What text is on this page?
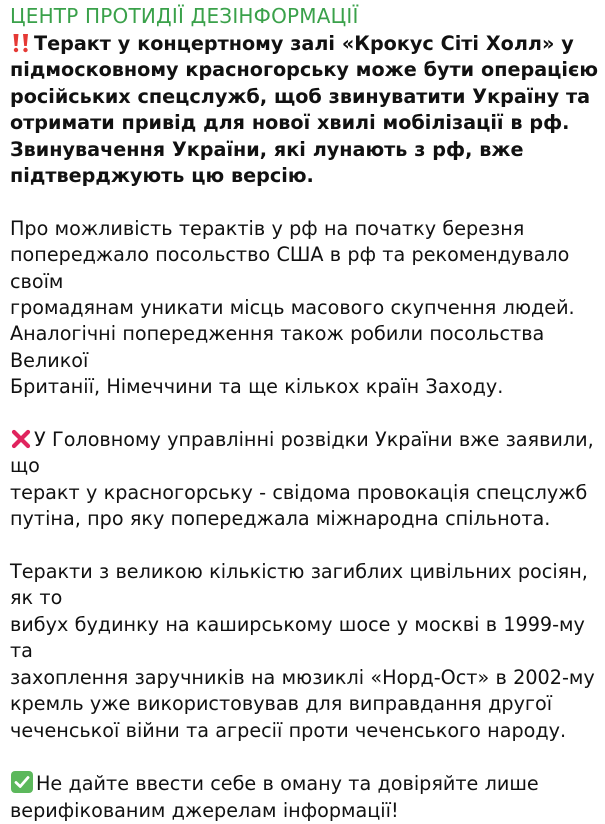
ЦЕНТР ПРОТИДІЇ ДЕЗІНФОРМАЦІЇ
Теракт у концертному залі «Крокус Сіті Холл» у
підмосковному красногорську може бути операцією
російських спецслужб, щоб звинуватити Україну та
отримати привід для нової хвилі мобілізації в рф.
Звинувачення України, які лунають з рф, вже
підтверджують цю версію.
Про можливість терактів у рф на початку березня
попереджало посольство США в рф та рекомендувало своїм
громадянам уникати місць масового скупчення людей.
Аналогічні попередження також робили посольства Великої
Британії, Німеччини та ще кількох країн Заходу.
У Головному управлінні розвідки України вже заявили, що
теракт у красногорську - свідома провокація спецслужб
путіна, про яку попереджала міжнародна спільнота.
Теракти з великою кількістю загиблих цивільних росіян, як то
вибух будинку на каширському шосе у москві в 1999-му та
захоплення заручників на мюзиклі «Норд-Ост» в 2002-му
кремль уже використовував для виправдання другої
чеченської війни та агресії проти чеченського народу.
Не дайте ввести себе в оману та довіряйте лише
верифікованим джерелам інформації!
